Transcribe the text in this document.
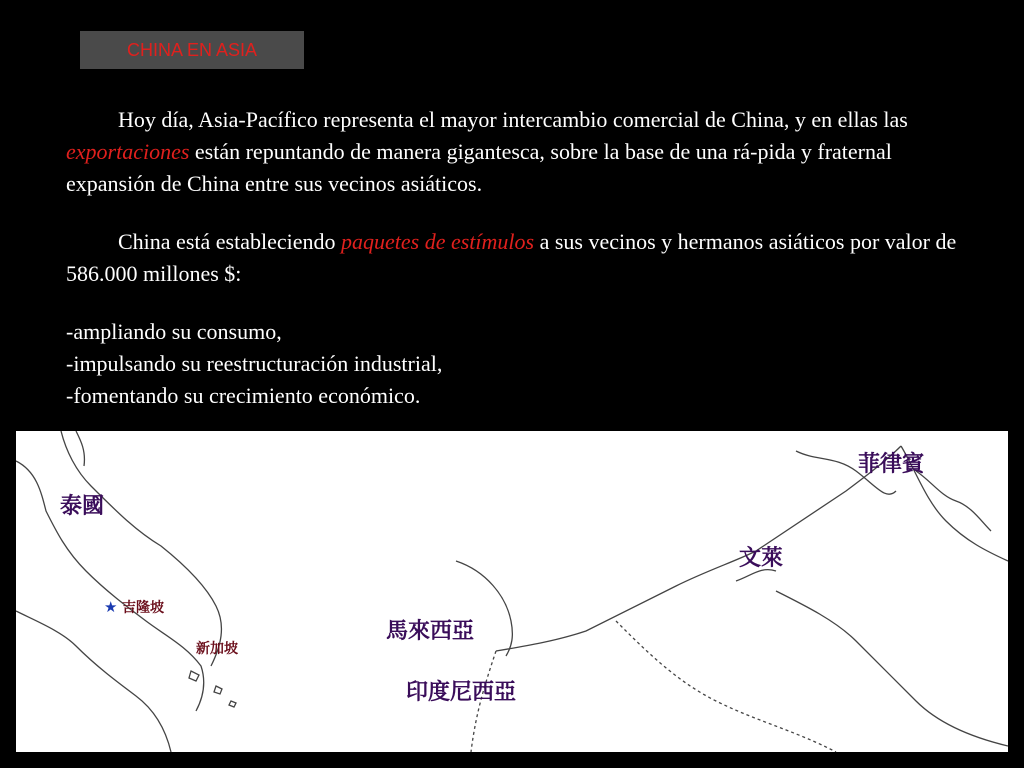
CHINA EN ASIA

Hoy día, Asia-Pacífico representa el mayor intercambio comercial de China, y en ellas las exportaciones están repuntando de manera gigantesca, sobre la base de una rá-pida y fraternal expansión de China entre sus vecinos asiáticos.

China está estableciendo paquetes de estímulos a sus vecinos y hermanos asiáticos por valor de 586.000 millones $:

-ampliando su consumo,
-impulsando su reestructuración industrial,
-fomentando su crecimiento económico.
泰國
★ 吉隆坡
新加坡
馬來西亞
印度尼西亞
菲律賓
文萊
